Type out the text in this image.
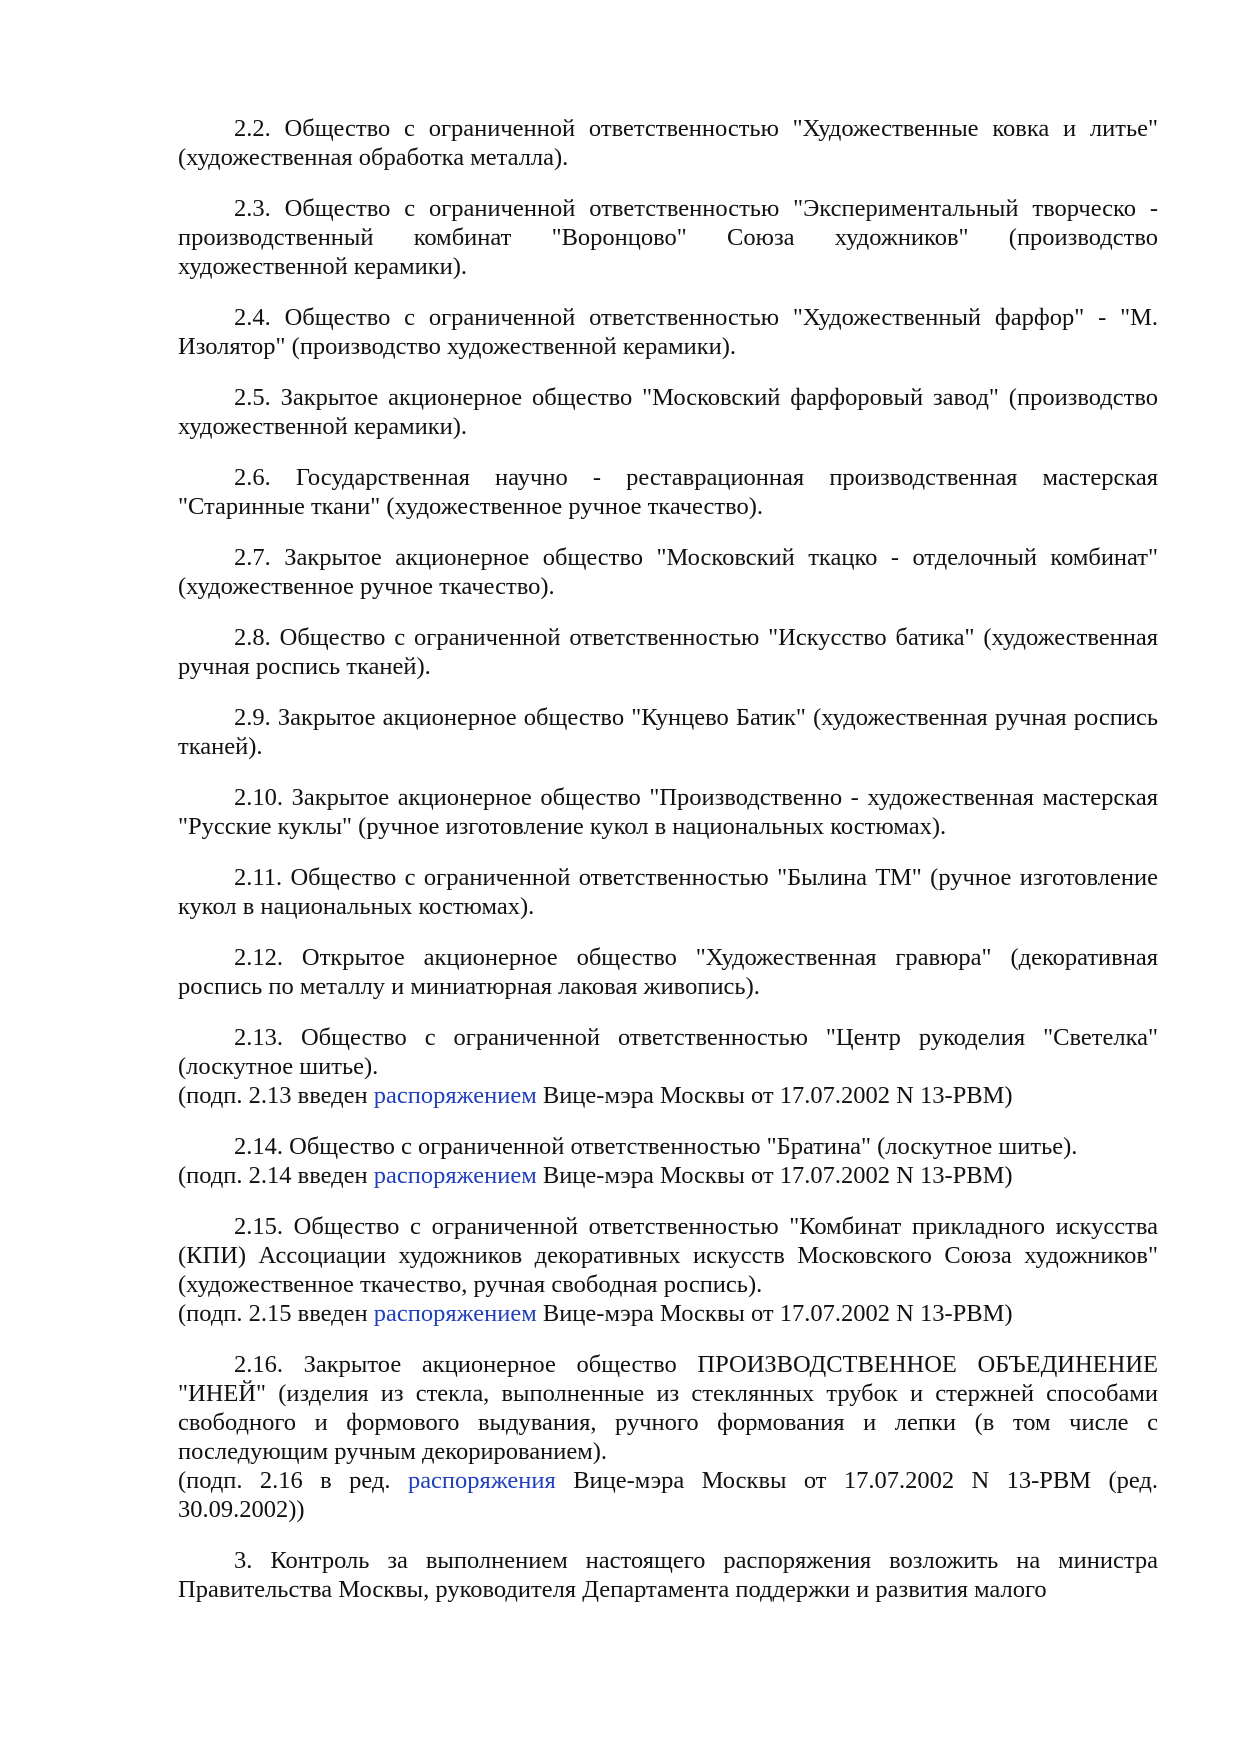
2.2. Общество с ограниченной ответственностью "Художественные ковка и литье" (художественная обработка металла).

2.3. Общество с ограниченной ответственностью "Экспериментальный творческо - производственный комбинат "Воронцово" Союза художников" (производство художественной керамики).

2.4. Общество с ограниченной ответственностью "Художественный фарфор" - "М. Изолятор" (производство художественной керамики).

2.5. Закрытое акционерное общество "Московский фарфоровый завод" (производство художественной керамики).

2.6. Государственная научно - реставрационная производственная мастерская "Старинные ткани" (художественное ручное ткачество).

2.7. Закрытое акционерное общество "Московский ткацко - отделочный комбинат" (художественное ручное ткачество).

2.8. Общество с ограниченной ответственностью "Искусство батика" (художественная ручная роспись тканей).

2.9. Закрытое акционерное общество "Кунцево Батик" (художественная ручная роспись тканей).

2.10. Закрытое акционерное общество "Производственно - художественная мастерская "Русские куклы" (ручное изготовление кукол в национальных костюмах).

2.11. Общество с ограниченной ответственностью "Былина ТМ" (ручное изготовление кукол в национальных костюмах).

2.12. Открытое акционерное общество "Художественная гравюра" (декоративная роспись по металлу и миниатюрная лаковая живопись).

2.13. Общество с ограниченной ответственностью "Центр рукоделия "Светелка" (лоскутное шитье).
(подп. 2.13 введен распоряжением Вице-мэра Москвы от 17.07.2002 N 13-РВМ)

2.14. Общество с ограниченной ответственностью "Братина" (лоскутное шитье).
(подп. 2.14 введен распоряжением Вице-мэра Москвы от 17.07.2002 N 13-РВМ)

2.15. Общество с ограниченной ответственностью "Комбинат прикладного искусства (КПИ) Ассоциации художников декоративных искусств Московского Союза художников" (художественное ткачество, ручная свободная роспись).
(подп. 2.15 введен распоряжением Вице-мэра Москвы от 17.07.2002 N 13-РВМ)

2.16. Закрытое акционерное общество ПРОИЗВОДСТВЕННОЕ ОБЪЕДИНЕНИЕ "ИНЕЙ" (изделия из стекла, выполненные из стеклянных трубок и стержней способами свободного и формового выдувания, ручного формования и лепки (в том числе с последующим ручным декорированием).
(подп. 2.16 в ред. распоряжения Вице-мэра Москвы от 17.07.2002 N 13-РВМ (ред. 30.09.2002))

3. Контроль за выполнением настоящего распоряжения возложить на министра Правительства Москвы, руководителя Департамента поддержки и развития малого
